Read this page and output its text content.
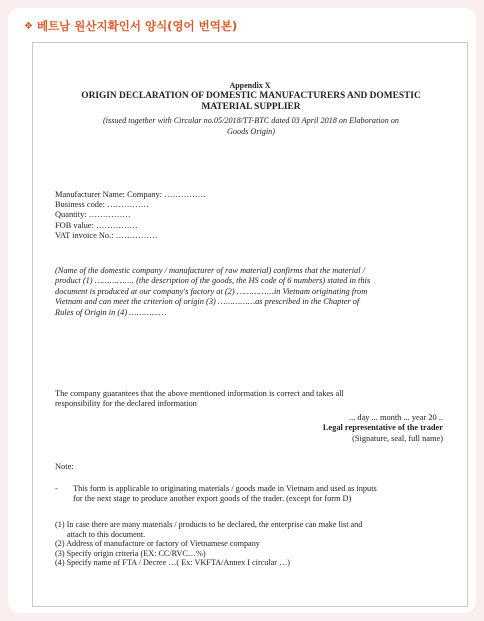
❖ 베트남 원산지확인서 양식(영어 번역본)
Appendix X
ORIGIN DECLARATION OF DOMESTIC MANUFACTURERS AND DOMESTIC
MATERIAL SUPPLIER
(issued together with Circular no.05/2018/TT-BTC dated 03 April 2018 on Elaboration on
Goods Origin)
Manufacturer Name: Company: ……………
Business code: ……………
Quantity: ……………
FOB value: ……………
VAT invoice No.: ……………
(Name of the domestic company / manufacturer of raw material) confirms that the material /
product (1) ……………. (the description of the goods, the HS code of 6 numbers) stated in this
document is produced at our company's factory at (2) ……………in Vietnam originating from
Vietnam and can meet the criterion of origin (3) ……………as prescribed in the Chapter of
Rules of Origin in (4) ……………
The company guarantees that the above mentioned information is correct and takes all
responsibility for the declared information
... day ... month ... year 20 ..
Legal representative of the trader
(Signature, seal, full name)
Note:
-	This form is applicable to originating materials / goods made in Vietnam and used as inputs
for the next stage to produce another export goods of the trader. (except for form D)
(1) In case there are many materials / products to be declared, the enterprise can make list and
attach to this document.
(2) Address of manufacture or factory of Vietnamese company
(3) Specify origin criteria (EX: CC/RVC…%)
(4) Specify name of FTA / Decree …( Ex: VKFTA/Annex I circular …)
